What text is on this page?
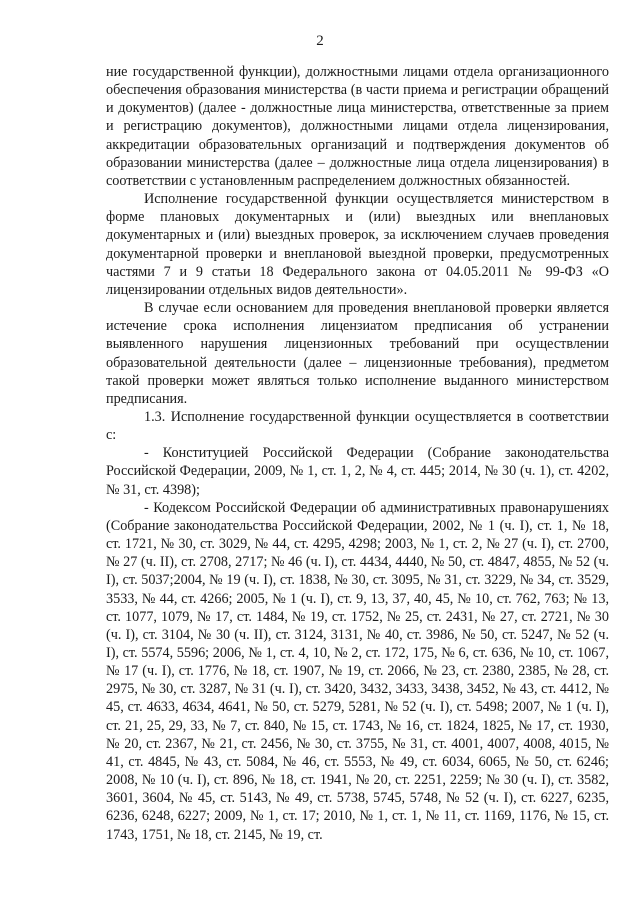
2

ние государственной функции), должностными лицами отдела организационного обеспечения образования министерства (в части приема и регистрации обращений и документов) (далее - должностные лица министерства, ответственные за прием и регистрацию документов), должностными лицами отдела лицензирования, аккредитации образовательных организаций и подтверждения документов об образовании министерства (далее – должностные лица отдела лицензирования) в соответствии с установленным распределением должностных обязанностей.

Исполнение государственной функции осуществляется министерством в форме плановых документарных и (или) выездных или внеплановых документарных и (или) выездных проверок, за исключением случаев проведения документарной проверки и внеплановой выездной проверки, предусмотренных частями 7 и 9 статьи 18 Федерального закона от 04.05.2011 № 99-ФЗ «О лицензировании отдельных видов деятельности».

В случае если основанием для проведения внеплановой проверки является истечение срока исполнения лицензиатом предписания об устранении выявленного нарушения лицензионных требований при осуществлении образовательной деятельности (далее – лицензионные требования), предметом такой проверки может являться только исполнение выданного министерством предписания.

1.3. Исполнение государственной функции осуществляется в соответствии с:

- Конституцией Российской Федерации (Собрание законодательства Российской Федерации, 2009, № 1, ст. 1, 2, № 4, ст. 445; 2014, № 30 (ч. 1), ст. 4202, № 31, ст. 4398);

- Кодексом Российской Федерации об административных правонарушениях (Собрание законодательства Российской Федерации, 2002, № 1 (ч. I), ст. 1, № 18, ст. 1721, № 30, ст. 3029, № 44, ст. 4295, 4298; 2003, № 1, ст. 2, № 27 (ч. I), ст. 2700, № 27 (ч. II), ст. 2708, 2717; № 46 (ч. I), ст. 4434, 4440, № 50, ст. 4847, 4855, № 52 (ч. I), ст. 5037;2004, № 19 (ч. I), ст. 1838, № 30, ст. 3095, № 31, ст. 3229, № 34, ст. 3529, 3533, № 44, ст. 4266; 2005, № 1 (ч. I), ст. 9, 13, 37, 40, 45, № 10, ст. 762, 763; № 13, ст. 1077, 1079, № 17, ст. 1484, № 19, ст. 1752, № 25, ст. 2431, № 27, ст. 2721, № 30 (ч. I), ст. 3104, № 30 (ч. II), ст. 3124, 3131, № 40, ст. 3986, № 50, ст. 5247, № 52 (ч. I), ст. 5574, 5596; 2006, № 1, ст. 4, 10, № 2, ст. 172, 175, № 6, ст. 636, № 10, ст. 1067, № 17 (ч. I), ст. 1776, № 18, ст. 1907, № 19, ст. 2066, № 23, ст. 2380, 2385, № 28, ст. 2975, № 30, ст. 3287, № 31 (ч. I), ст. 3420, 3432, 3433, 3438, 3452, № 43, ст. 4412, № 45, ст. 4633, 4634, 4641, № 50, ст. 5279, 5281, № 52 (ч. I), ст. 5498; 2007, № 1 (ч. I), ст. 21, 25, 29, 33, № 7, ст. 840, № 15, ст. 1743, № 16, ст. 1824, 1825, № 17, ст. 1930, № 20, ст. 2367, № 21, ст. 2456, № 30, ст. 3755, № 31, ст. 4001, 4007, 4008, 4015, № 41, ст. 4845, № 43, ст. 5084, № 46, ст. 5553, № 49, ст. 6034, 6065, № 50, ст. 6246; 2008, № 10 (ч. I), ст. 896, № 18, ст. 1941, № 20, ст. 2251, 2259; № 30 (ч. I), ст. 3582, 3601, 3604, № 45, ст. 5143, № 49, ст. 5738, 5745, 5748, № 52 (ч. I), ст. 6227, 6235, 6236, 6248, 6227; 2009, № 1, ст. 17; 2010, № 1, ст. 1, № 11, ст. 1169, 1176, № 15, ст. 1743, 1751, № 18, ст. 2145, № 19, ст.
